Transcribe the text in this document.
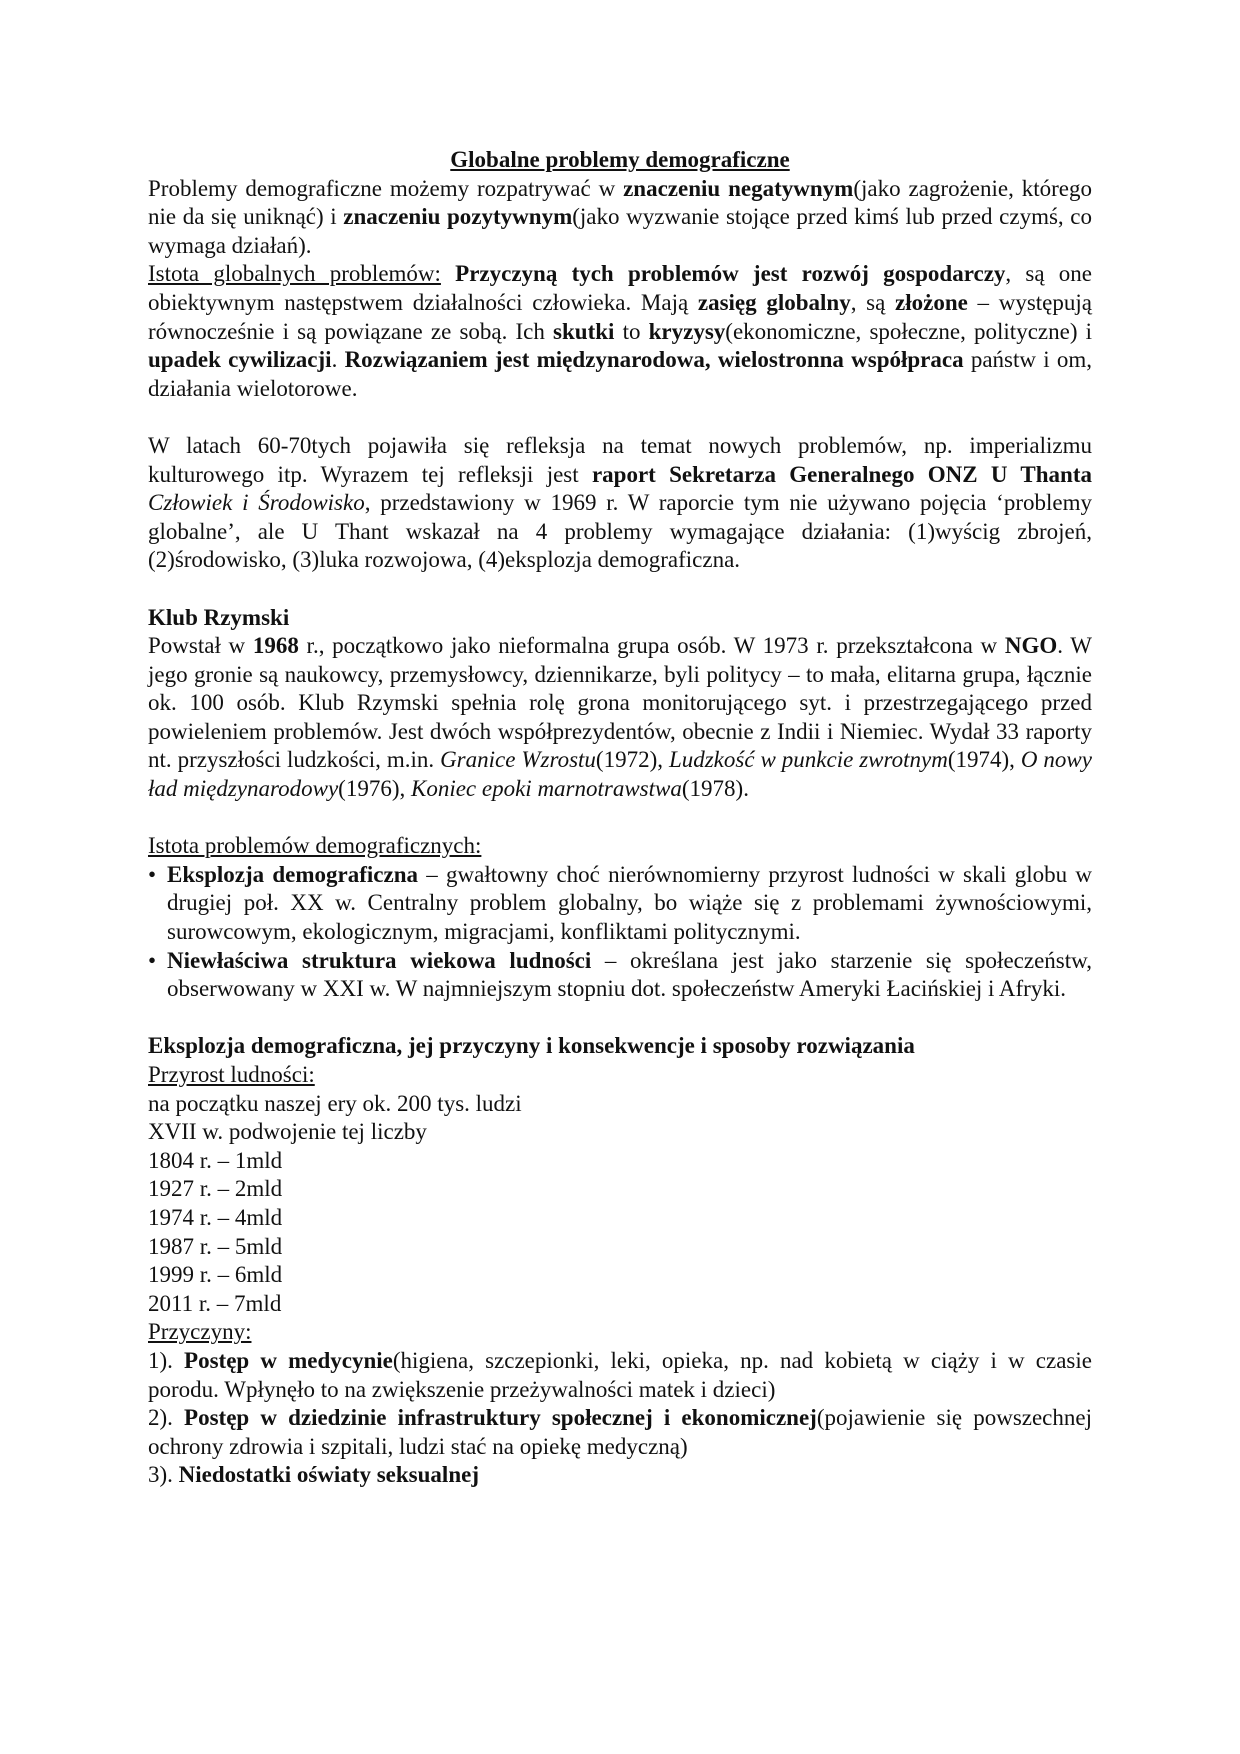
Globalne problemy demograficzne

Problemy demograficzne możemy rozpatrywać w znaczeniu negatywnym(jako zagrożenie, którego nie da się uniknąć) i znaczeniu pozytywnym(jako wyzwanie stojące przed kimś lub przed czymś, co wymaga działań).

Istota globalnych problemów: Przyczyną tych problemów jest rozwój gospodarczy, są one obiektywnym następstwem działalności człowieka. Mają zasięg globalny, są złożone – występują równocześnie i są powiązane ze sobą. Ich skutki to kryzysy(ekonomiczne, społeczne, polityczne) i upadek cywilizacji. Rozwiązaniem jest międzynarodowa, wielostronna współpraca państw i om, działania wielotorowe.

W latach 60-70tych pojawiła się refleksja na temat nowych problemów, np. imperializmu kulturowego itp. Wyrazem tej refleksji jest raport Sekretarza Generalnego ONZ U Thanta Człowiek i Środowisko, przedstawiony w 1969 r. W raporcie tym nie używano pojęcia ‘problemy globalne’, ale U Thant wskazał na 4 problemy wymagające działania: (1)wyścig zbrojeń, (2)środowisko, (3)luka rozwojowa, (4)eksplozja demograficzna.

Klub Rzymski

Powstał w 1968 r., początkowo jako nieformalna grupa osób. W 1973 r. przekształcona w NGO. W jego gronie są naukowcy, przemysłowcy, dziennikarze, byli politycy – to mała, elitarna grupa, łącznie ok. 100 osób. Klub Rzymski spełnia rolę grona monitorującego syt. i przestrzegającego przed powieleniem problemów. Jest dwóch współprezydentów, obecnie z Indii i Niemiec. Wydał 33 raporty nt. przyszłości ludzkości, m.in. Granice Wzrostu(1972), Ludzkość w punkcie zwrotnym(1974), O nowy ład międzynarodowy(1976), Koniec epoki marnotrawstwa(1978).

Istota problemów demograficznych:

• Eksplozja demograficzna – gwałtowny choć nierównomierny przyrost ludności w skali globu w drugiej poł. XX w. Centralny problem globalny, bo wiąże się z problemami żywnościowymi, surowcowym, ekologicznym, migracjami, konfliktami politycznymi.
• Niewłaściwa struktura wiekowa ludności – określana jest jako starzenie się społeczeństw, obserwowany w XXI w. W najmniejszym stopniu dot. społeczeństw Ameryki Łacińskiej i Afryki.

Eksplozja demograficzna, jej przyczyny i konsekwencje i sposoby rozwiązania

Przyrost ludności:

na początku naszej ery ok. 200 tys. ludzi

XVII w. podwojenie tej liczby

1804 r. – 1mld

1927 r. – 2mld

1974 r. – 4mld

1987 r. – 5mld

1999 r. – 6mld

2011 r. – 7mld

Przyczyny:

1). Postęp w medycynie(higiena, szczepionki, leki, opieka, np. nad kobietą w ciąży i w czasie porodu. Wpłynęło to na zwiększenie przeżywalności matek i dzieci)

2). Postęp w dziedzinie infrastruktury społecznej i ekonomicznej(pojawienie się powszechnej ochrony zdrowia i szpitali, ludzi stać na opiekę medyczną)

3). Niedostatki oświaty seksualnej
